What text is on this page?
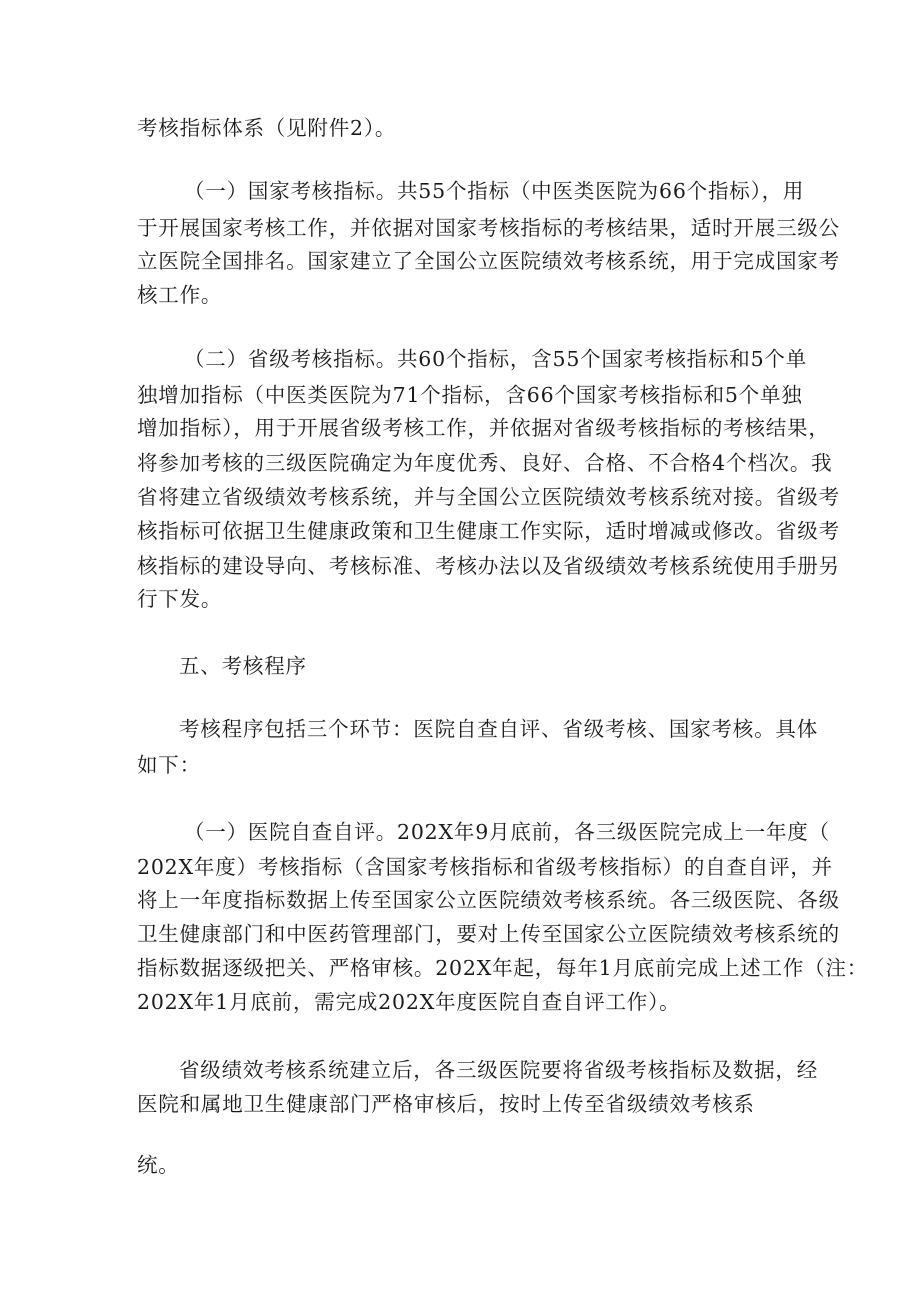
考核指标体系（见附件2）。
（一）国家考核指标。共55个指标（中医类医院为66个指标），用
于开展国家考核工作，并依据对国家考核指标的考核结果，适时开展三级公
立医院全国排名。国家建立了全国公立医院绩效考核系统，用于完成国家考
核工作。
（二）省级考核指标。共60个指标，含55个国家考核指标和5个单
独增加指标（中医类医院为71个指标，含66个国家考核指标和5个单独
增加指标），用于开展省级考核工作，并依据对省级考核指标的考核结果，
将参加考核的三级医院确定为年度优秀、良好、合格、不合格4个档次。我
省将建立省级绩效考核系统，并与全国公立医院绩效考核系统对接。省级考
核指标可依据卫生健康政策和卫生健康工作实际，适时增减或修改。省级考
核指标的建设导向、考核标准、考核办法以及省级绩效考核系统使用手册另
行下发。
五、考核程序
考核程序包括三个环节：医院自查自评、省级考核、国家考核。具体
如下：
（一）医院自查自评。202X年9月底前，各三级医院完成上一年度（
202X年度）考核指标（含国家考核指标和省级考核指标）的自查自评，并
将上一年度指标数据上传至国家公立医院绩效考核系统。各三级医院、各级
卫生健康部门和中医药管理部门，要对上传至国家公立医院绩效考核系统的
指标数据逐级把关、严格审核。202X年起，每年1月底前完成上述工作（注：
202X年1月底前，需完成202X年度医院自查自评工作）。
省级绩效考核系统建立后，各三级医院要将省级考核指标及数据，经
医院和属地卫生健康部门严格审核后，按时上传至省级绩效考核系
统。
